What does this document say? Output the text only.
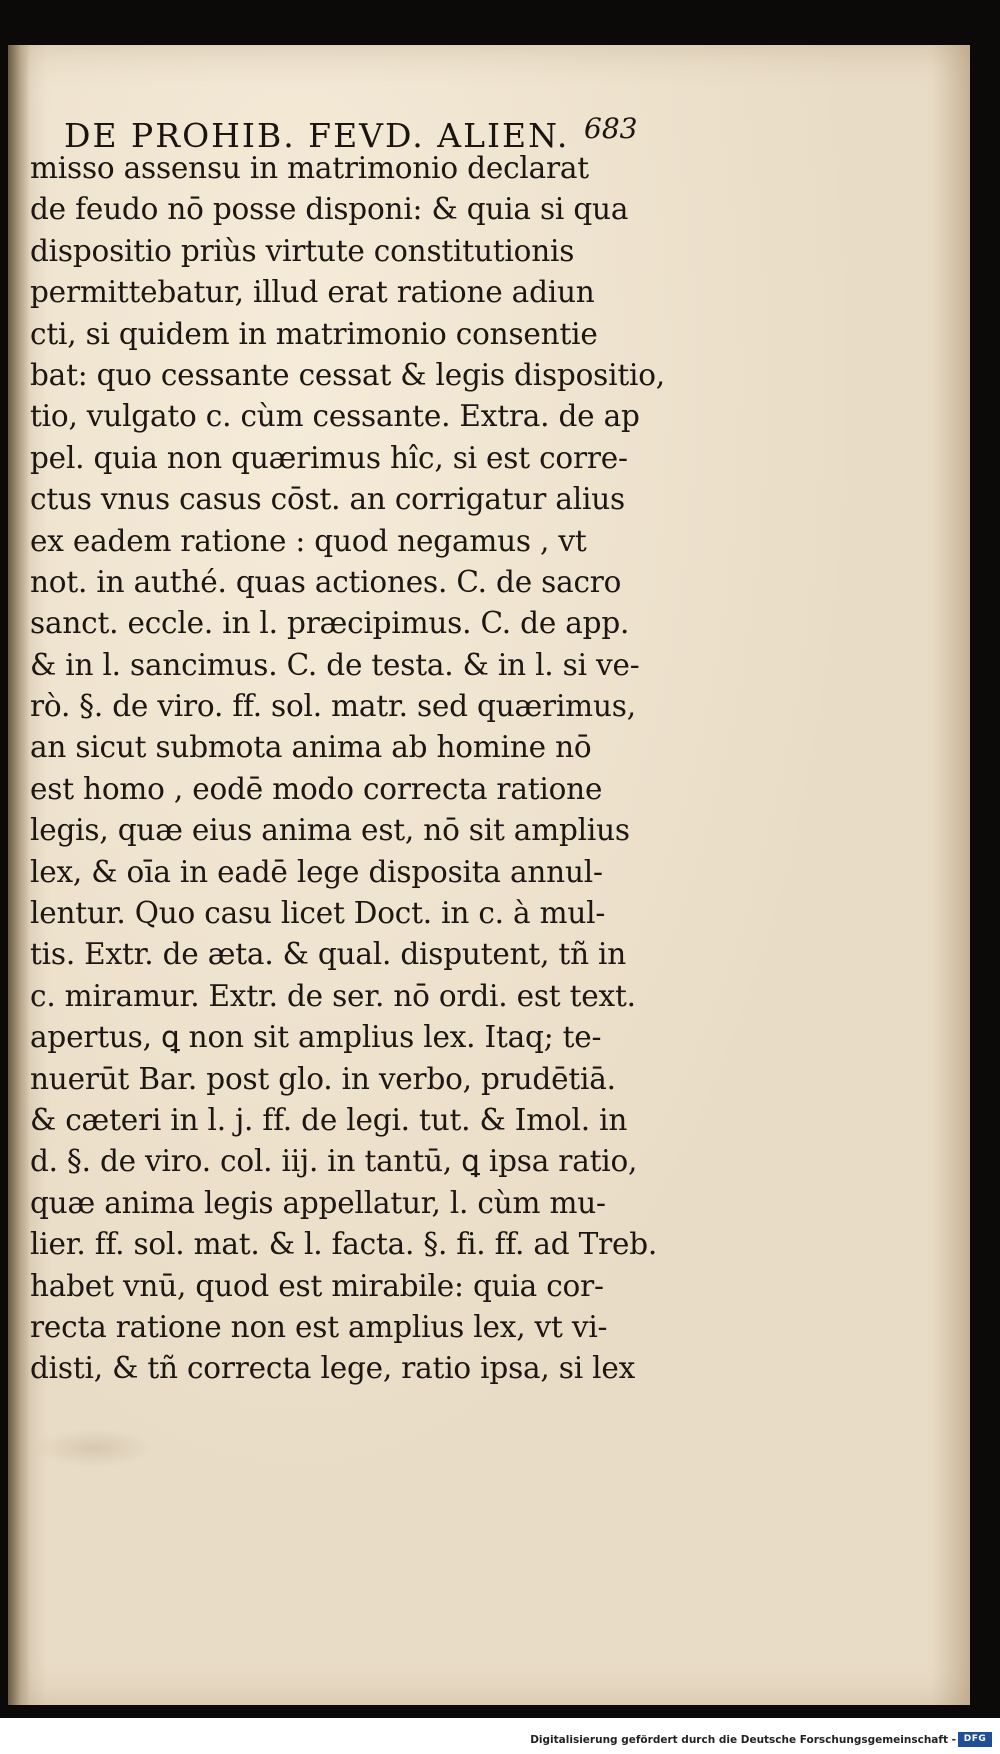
DE PROHIB. FEVD. ALIEN. 683
misso assensu in matrimonio declarat
de feudo nō posse disponi: & quia si qua
dispositio priùs virtute constitutionis
permittebatur, illud erat ratione adiun
cti, si quidem in matrimonio consentie
bat: quo cessante cessat & legis dispositio,
tio, vulgato c. cùm cessante. Extra. de ap
pel. quia non quærimus hîc, si est corre-
ctus vnus casus cōst. an corrigatur alius
ex eadem ratione : quod negamus , vt
not. in authé. quas actiones. C. de sacro
sanct. eccle. in l. præcipimus. C. de app.
& in l. sancimus. C. de testa. & in l. si ve-
rò. §. de viro. ff. sol. matr. sed quærimus,
an sicut submota anima ab homine nō
est homo , eodē modo correcta ratione
legis, quæ eius anima est, nō sit amplius
lex, & oīa in eadē lege disposita annul-
lentur. Quo casu licet Doct. in c. à mul-
tis. Extr. de æta. & qual. disputent, tñ in
c. miramur. Extr. de ser. nō ordi. est text.
apertus, ꝗ non sit amplius lex. Itaq; te-
nuerūt Bar. post glo. in verbo, prudētiā.
& cæteri in l. j. ff. de legi. tut. & Imol. in
d. §. de viro. col. iij. in tantū, ꝗ ipsa ratio,
quæ anima legis appellatur, l. cùm mu-
lier. ff. sol. mat. & l. facta. §. fi. ff. ad Treb.
habet vnū, quod est mirabile: quia cor-
recta ratione non est amplius lex, vt vi-
disti, & tñ correcta lege, ratio ipsa, si lex
Digitalisierung gefördert durch die Deutsche Forschungsgemeinschaft - DFG
